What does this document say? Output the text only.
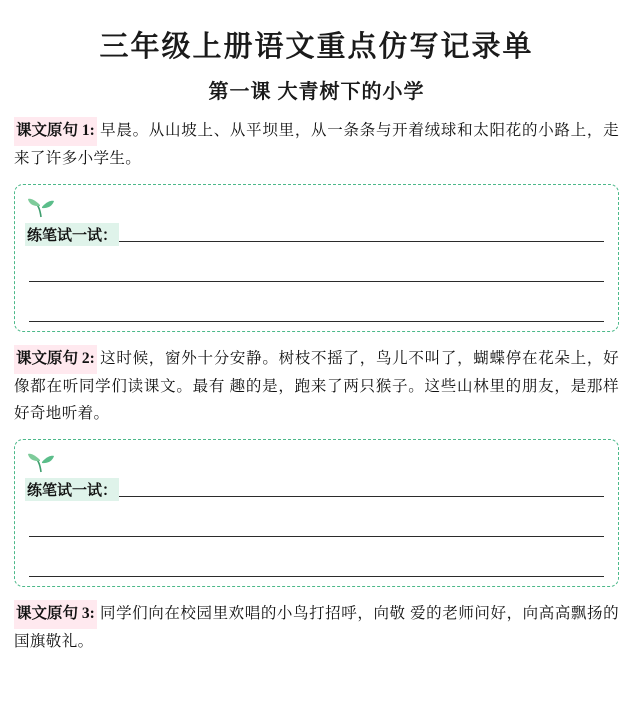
三年级上册语文重点仿写记录单
第一课 大青树下的小学
课文原句 1: 早晨。从山坡上、从平坝里，从一条条与开着绒球和太阳花的小路上，走来了许多小学生。
练笔试一试：
课文原句 2: 这时候，窗外十分安静。树枝不摇了，鸟儿不叫了，蝴蝶停在花朵上，好像都在听同学们读课文。最有 趣的是，跑来了两只猴子。这些山林里的朋友，是那样好奇地听着。
练笔试一试：
课文原句 3: 同学们向在校园里欢唱的小鸟打招呼，向敬 爱的老师问好，向高高飘扬的国旗敬礼。
